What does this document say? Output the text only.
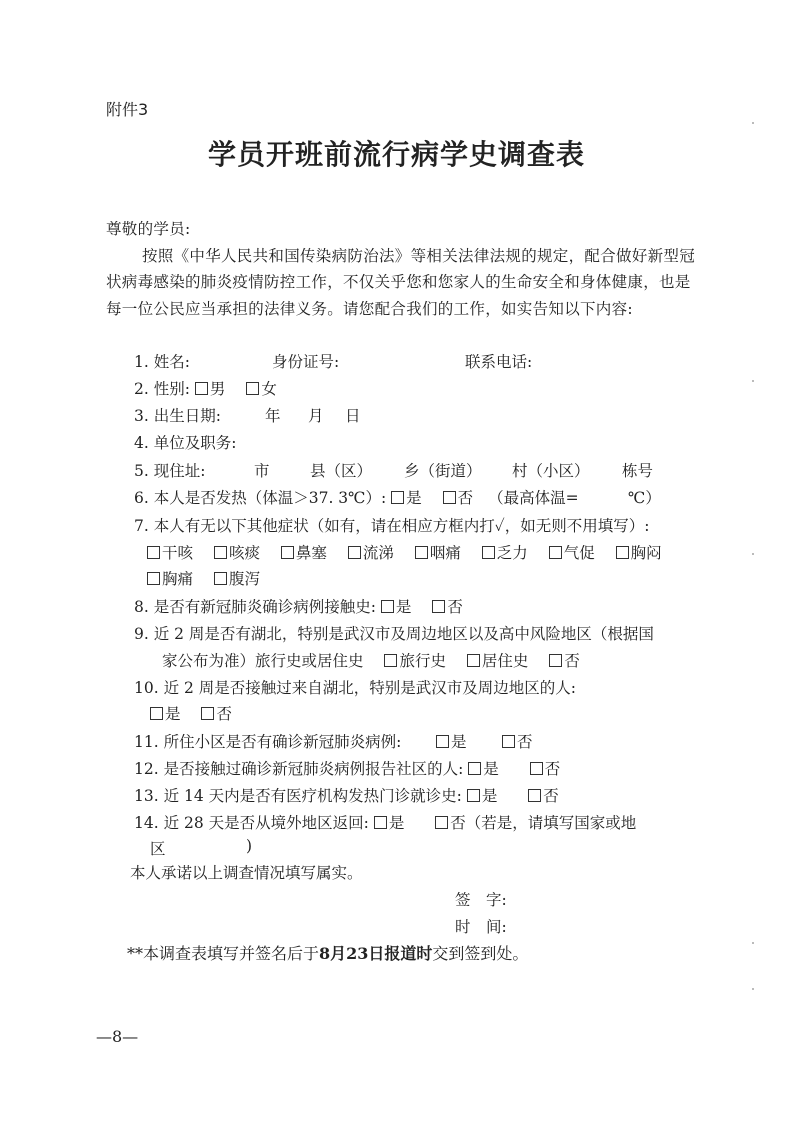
附件3
学员开班前流行病学史调查表
尊敬的学员:
按照《中华人民共和国传染病防治法》等相关法律法规的规定，配合做好新型冠状病毒感染的肺炎疫情防控工作，不仅关乎您和您家人的生命安全和身体健康，也是每一位公民应当承担的法律义务。请您配合我们的工作，如实告知以下内容:
1. 姓名:	身份证号:	联系电话:
2. 性别: 男 女
3. 出生日期:	年 月 日
4. 单位及职务:
5. 现住址:	市	县（区） 乡（街道） 村（小区） 栋号
6. 本人是否发热（体温＞37. 3℃）: 是 否 （最高体温=	℃）
7. 本人有无以下其他症状（如有，请在相应方框内打✓，如无则不用填写）:
干咳 咳痰 鼻塞 流涕 咽痛 乏力 气促 胸闷
胸痛 腹泻
8. 是否有新冠肺炎确诊病例接触史: 是 否
9. 近 2 周是否有湖北，特别是武汉市及周边地区以及高中风险地区（根据国
家公布为准）旅行史或居住史 旅行史 居住史 否
10. 近 2 周是否接触过来自湖北，特别是武汉市及周边地区的人:
是 否
11. 所住小区是否有确诊新冠肺炎病例:	是	否
12. 是否接触过确诊新冠肺炎病例报告社区的人: 是	否
13. 近 14 天内是否有医疗机构发热门诊就诊史: 是	否
14. 近 28 天是否从境外地区返回: 是	否（若是，请填写国家或地
区	)
本人承诺以上调查情况填写属实。
签　字:
时　间:
**本调查表填写并签名后于8月23日报道时交到签到处。
—8—
